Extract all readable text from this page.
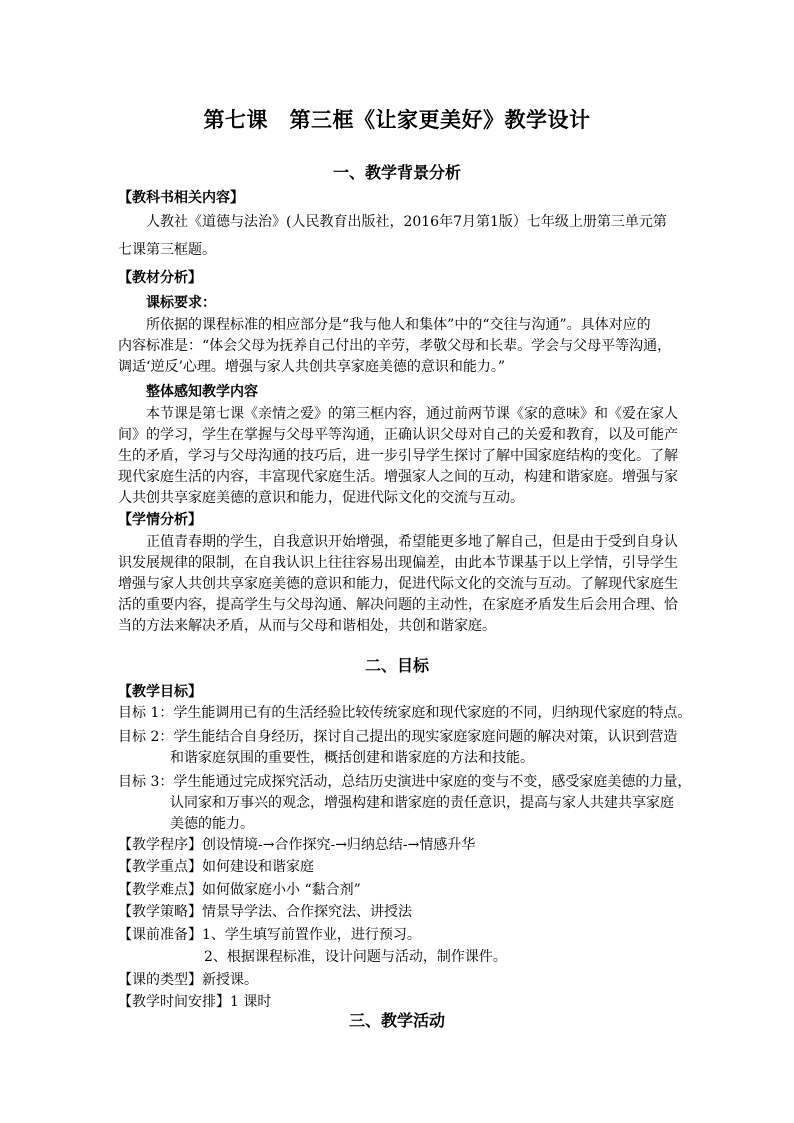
第七课　第三框《让家更美好》教学设计
一、教学背景分析
【教科书相关内容】
人教社《道德与法治》(人民教育出版社，2016年7月第1版）七年级上册第三单元第
七课第三框题。
【教材分析】
课标要求：
所依据的课程标准的相应部分是“我与他人和集体”中的“交往与沟通”。具体对应的
内容标准是：“体会父母为抚养自己付出的辛劳，孝敬父母和长辈。学会与父母平等沟通，
调适‘逆反’心理。增强与家人共创共享家庭美德的意识和能力。”
整体感知教学内容
本节课是第七课《亲情之爱》的第三框内容，通过前两节课《家的意味》和《爱在家人
间》的学习，学生在掌握与父母平等沟通，正确认识父母对自己的关爱和教育，以及可能产
生的矛盾，学习与父母沟通的技巧后，进一步引导学生探讨了解中国家庭结构的变化。了解
现代家庭生活的内容，丰富现代家庭生活。增强家人之间的互动，构建和谐家庭。增强与家
人共创共享家庭美德的意识和能力，促进代际文化的交流与互动。
【学情分析】
正值青春期的学生，自我意识开始增强，希望能更多地了解自己，但是由于受到自身认
识发展规律的限制，在自我认识上往往容易出现偏差，由此本节课基于以上学情，引导学生
增强与家人共创共享家庭美德的意识和能力，促进代际文化的交流与互动。了解现代家庭生
活的重要内容，提高学生与父母沟通、解决问题的主动性，在家庭矛盾发生后会用合理、恰
当的方法来解决矛盾，从而与父母和谐相处，共创和谐家庭。
二、目标
【教学目标】
目标 1：学生能调用已有的生活经验比较传统家庭和现代家庭的不同，归纳现代家庭的特点。
目标 2：学生能结合自身经历，探讨自己提出的现实家庭家庭问题的解决对策，认识到营造
和谐家庭氛围的重要性，概括创建和谐家庭的方法和技能。
目标 3：学生能通过完成探究活动，总结历史演进中家庭的变与不变，感受家庭美德的力量，
认同家和万事兴的观念，增强构建和谐家庭的责任意识，提高与家人共建共享家庭
美德的能力。
【教学程序】创设情境-→合作探究-→归纳总结-→情感升华
【教学重点】如何建设和谐家庭
【教学难点】如何做家庭小小 “黏合剂”
【教学策略】情景导学法、合作探究法、讲授法
【课前准备】1、学生填写前置作业，进行预习。
2、根据课程标准，设计问题与活动，制作课件。
【课的类型】新授课。
【教学时间安排】1 课时
三、教学活动
